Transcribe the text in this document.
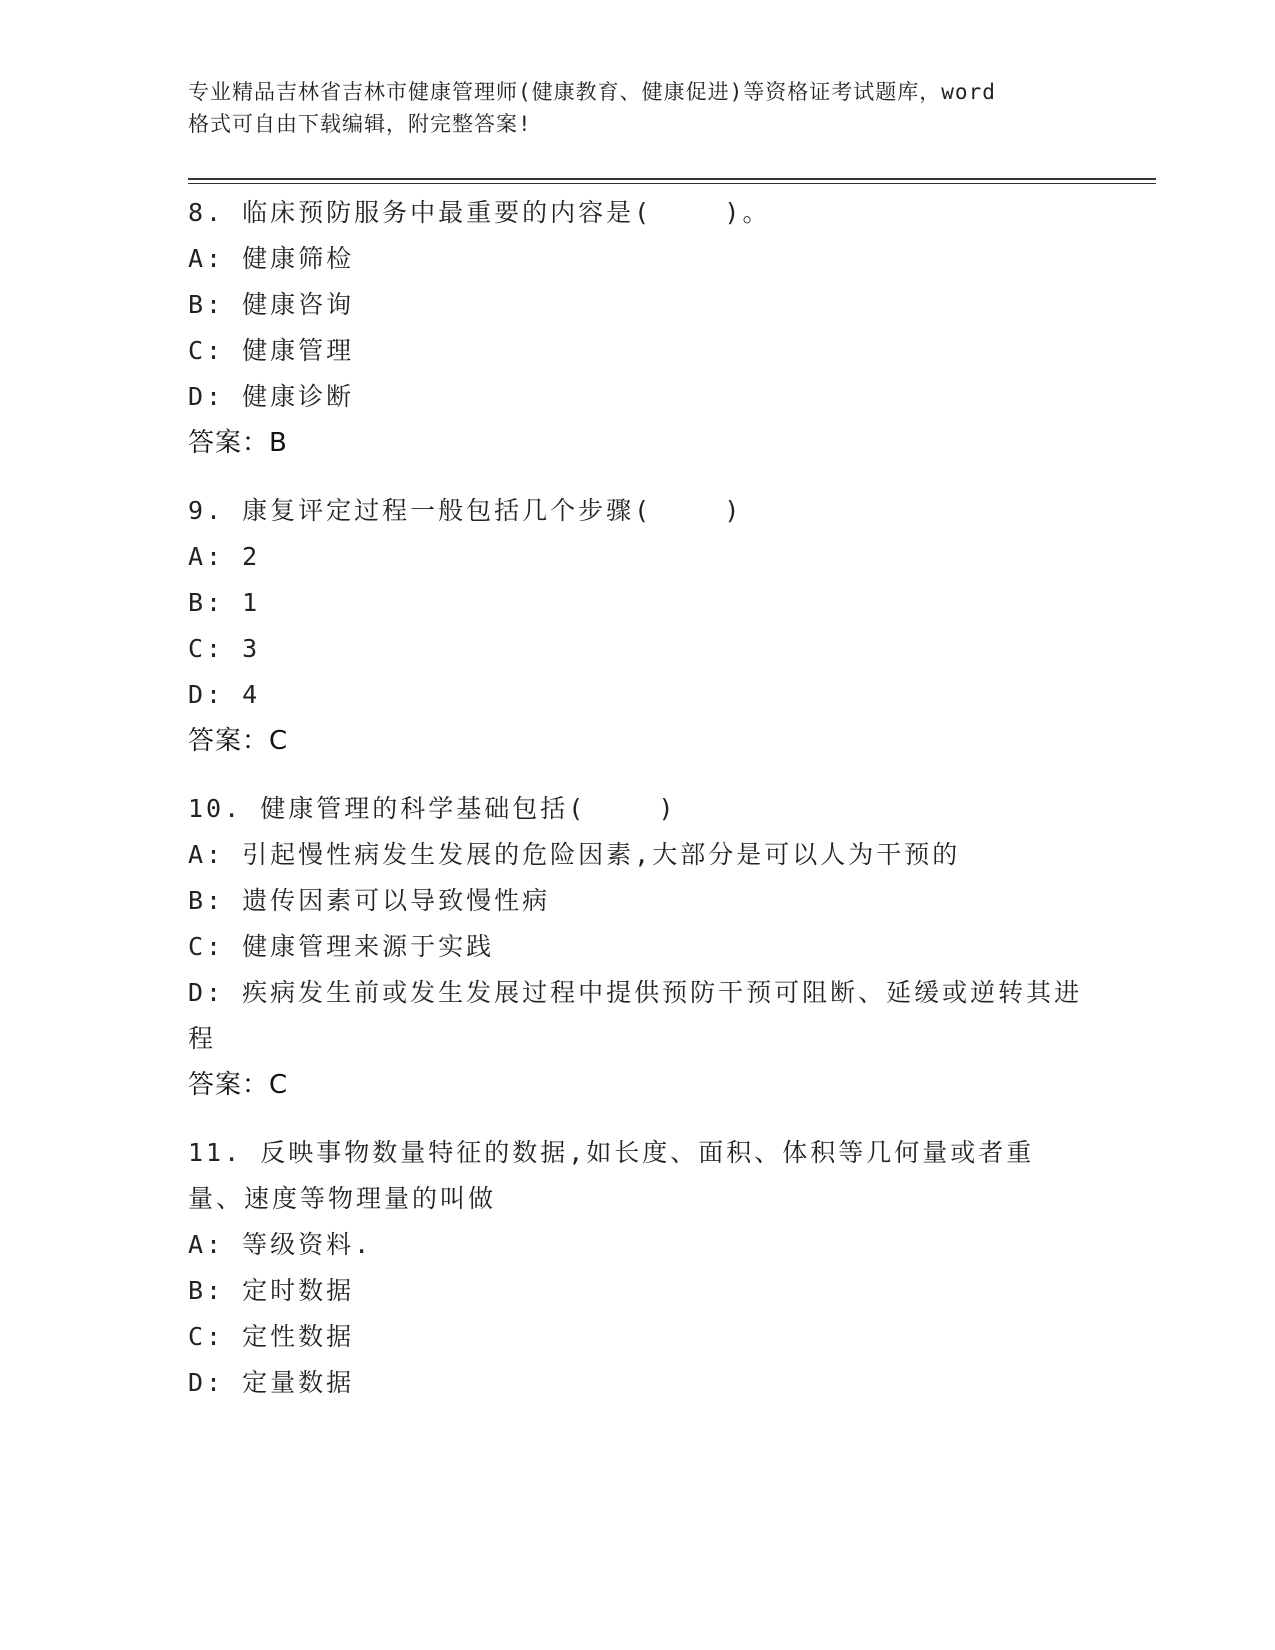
专业精品吉林省吉林市健康管理师(健康教育、健康促进)等资格证考试题库，word
格式可自由下载编辑，附完整答案!
8. 临床预防服务中最重要的内容是(    )。
A: 健康筛检
B: 健康咨询
C: 健康管理
D: 健康诊断
答案：B
9. 康复评定过程一般包括几个步骤(    )
A: 2
B: 1
C: 3
D: 4
答案：C
10. 健康管理的科学基础包括(    )
A: 引起慢性病发生发展的危险因素,大部分是可以人为干预的
B: 遗传因素可以导致慢性病
C: 健康管理来源于实践
D: 疾病发生前或发生发展过程中提供预防干预可阻断、延缓或逆转其进程
答案：C
11. 反映事物数量特征的数据,如长度、面积、体积等几何量或者重量、速度等物理量的叫做
A: 等级资料.
B: 定时数据
C: 定性数据
D: 定量数据
